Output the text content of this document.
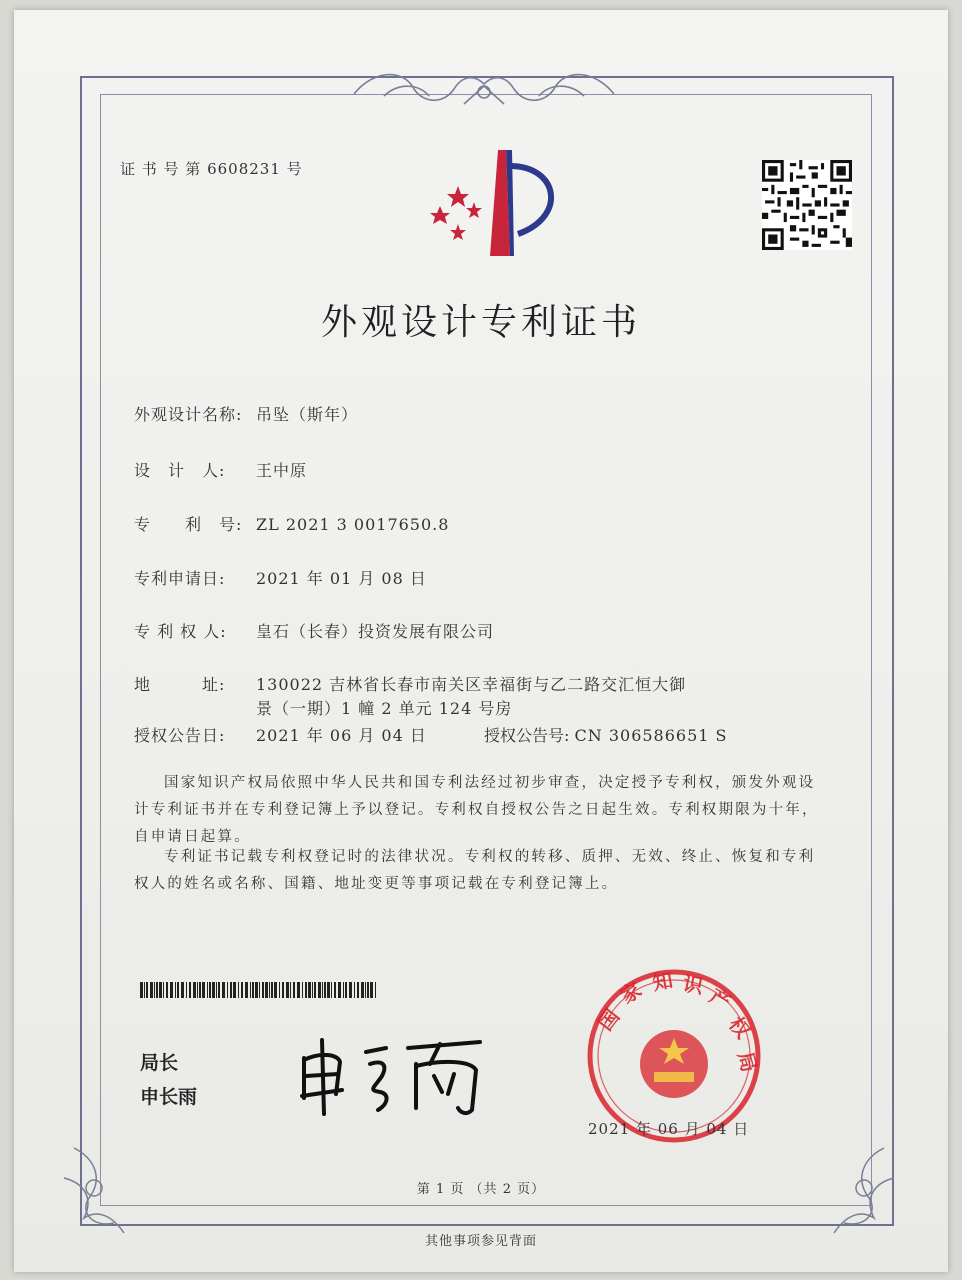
证 书 号 第 6608231 号
外观设计专利证书
外观设计名称: 吊坠（斯年）
设　计　人: 王中原
专　　利　号: ZL 2021 3 0017650.8
专利申请日: 2021 年 01 月 08 日
专 利 权 人: 皇石（长春）投资发展有限公司
地　　　址: 130022 吉林省长春市南关区幸福街与乙二路交汇恒大御
景（一期）1 幢 2 单元 124 号房
授权公告日: 2021 年 06 月 04 日	授权公告号: CN 306586651 S
国家知识产权局依照中华人民共和国专利法经过初步审查，决定授予专利权，颁发外观设计专利证书并在专利登记簿上予以登记。专利权自授权公告之日起生效。专利权期限为十年，自申请日起算。
专利证书记载专利权登记时的法律状况。专利权的转移、质押、无效、终止、恢复和专利权人的姓名或名称、国籍、地址变更等事项记载在专利登记簿上。
局长
申长雨
国
家 知 识 产
权
局
2021 年 06 月 04 日
第 1 页 （共 2 页）
其他事项参见背面
